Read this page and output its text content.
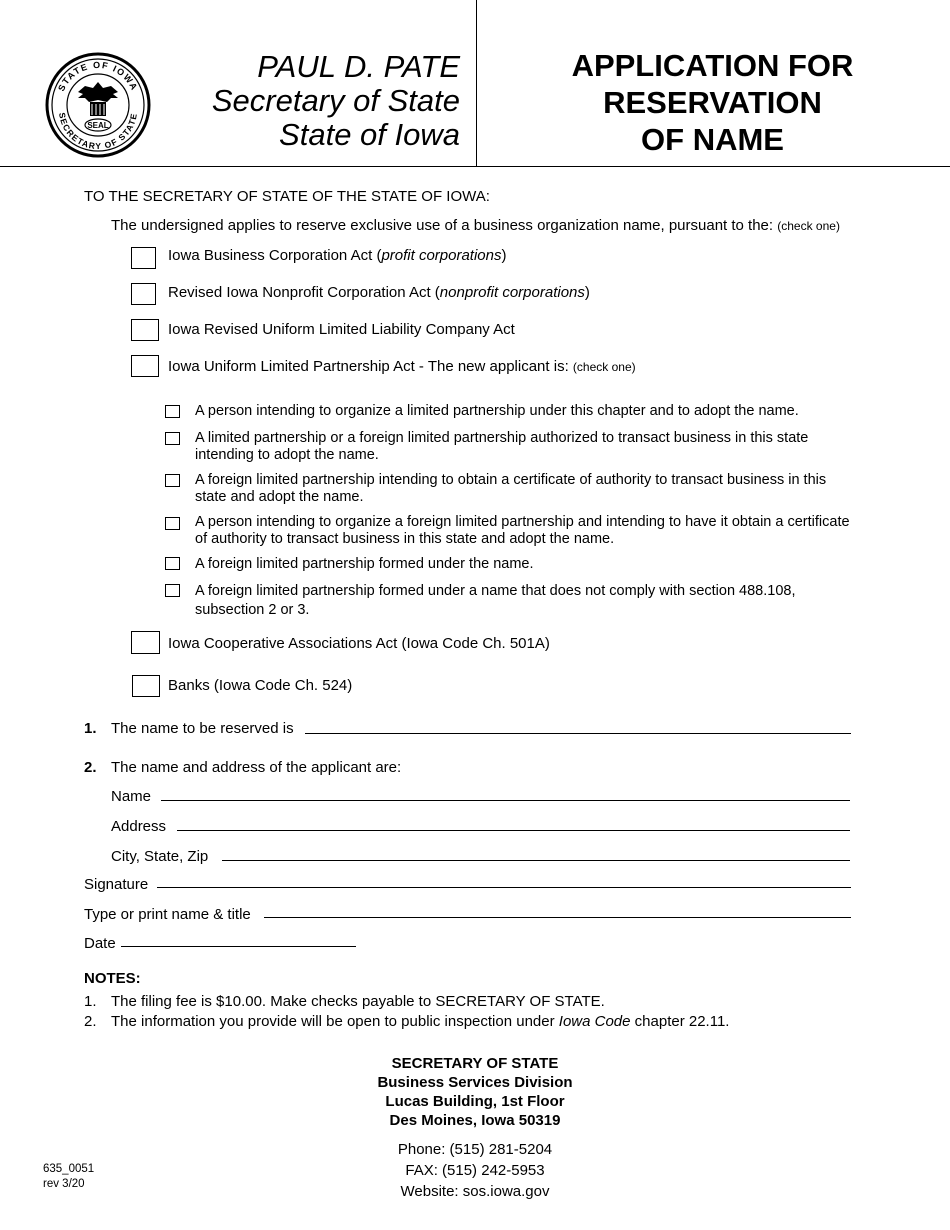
STATE OF IOWA
SECRETARY OF STATE
SEAL
PAUL D. PATE
Secretary of State
State of Iowa
APPLICATION FOR
RESERVATION
OF NAME
TO THE SECRETARY OF STATE OF THE STATE OF IOWA:
The undersigned applies to reserve exclusive use of a business organization name, pursuant to the: (check one)
Iowa Business Corporation Act (profit corporations)
Revised Iowa Nonprofit Corporation Act (nonprofit corporations)
Iowa Revised Uniform Limited Liability Company Act
Iowa Uniform Limited Partnership Act - The new applicant is: (check one)
A person intending to organize a limited partnership under this chapter and to adopt the name.
A limited partnership or a foreign limited partnership authorized to transact business in this state intending to adopt the name.
A foreign limited partnership intending to obtain a certificate of authority to transact business in this state and adopt the name.
A person intending to organize a foreign limited partnership and intending to have it obtain a certificate of authority to transact business in this state and adopt the name.
A foreign limited partnership formed under the name.
A foreign limited partnership formed under a name that does not comply with section 488.108, subsection 2 or 3.
Iowa Cooperative Associations Act (Iowa Code Ch. 501A)
Banks (Iowa Code Ch. 524)
1. The name to be reserved is
2. The name and address of the applicant are:
Name
Address
City, State, Zip
Signature
Type or print name & title
Date
NOTES:
1. The filing fee is $10.00. Make checks payable to SECRETARY OF STATE.
2. The information you provide will be open to public inspection under Iowa Code chapter 22.11.
SECRETARY OF STATE
Business Services Division
Lucas Building, 1st Floor
Des Moines, Iowa 50319
Phone: (515) 281-5204
FAX: (515) 242-5953
Website: sos.iowa.gov
635_0051
rev 3/20
